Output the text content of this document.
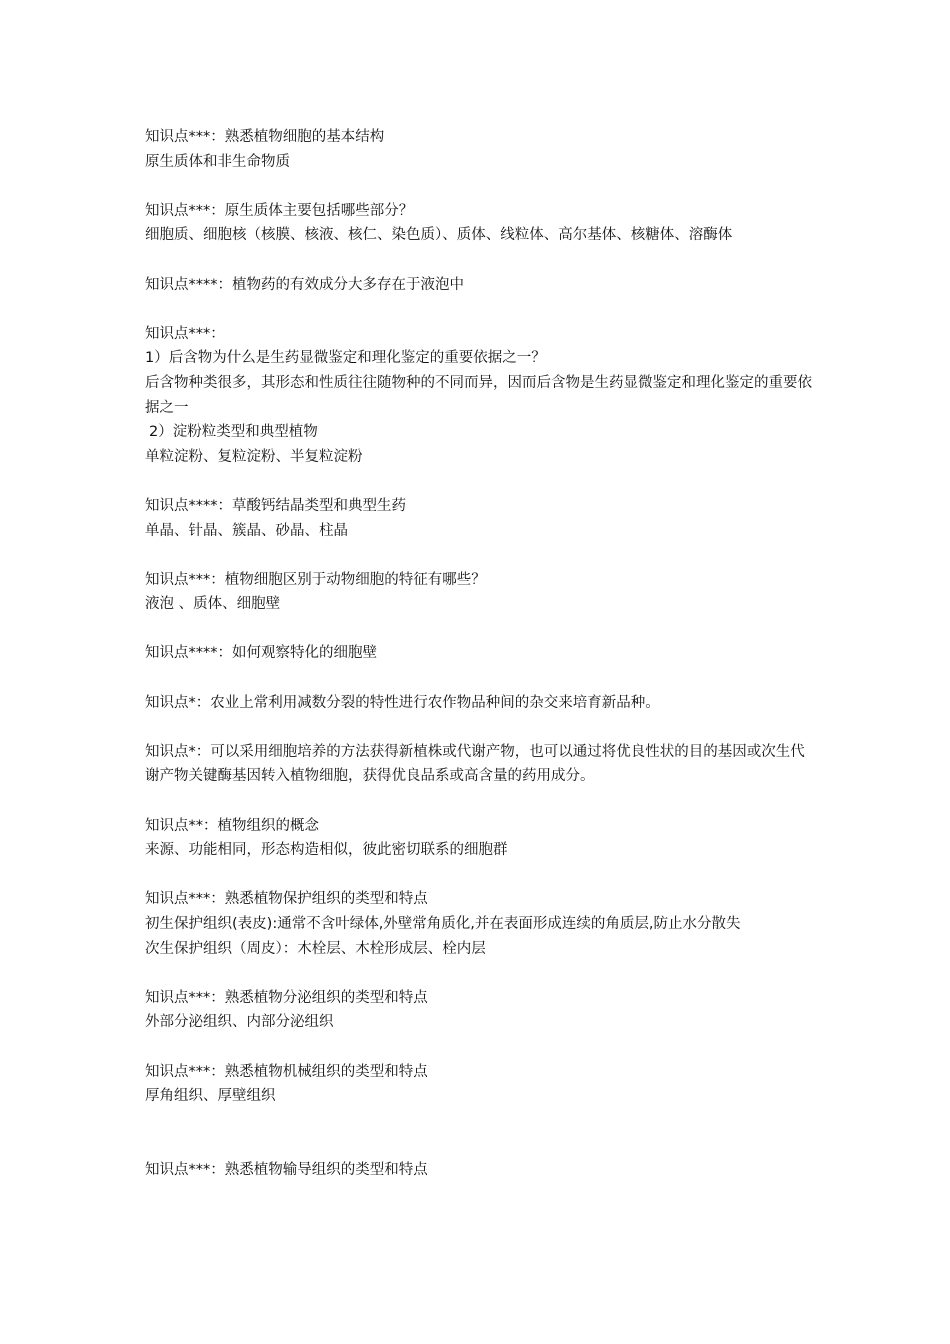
知识点***：熟悉植物细胞的基本结构
原生质体和非生命物质
知识点***：原生质体主要包括哪些部分？
细胞质、细胞核（核膜、核液、核仁、染色质）、质体、线粒体、高尔基体、核糖体、溶酶体
知识点****：植物药的有效成分大多存在于液泡中
知识点***：
1）后含物为什么是生药显微鉴定和理化鉴定的重要依据之一？
后含物种类很多，其形态和性质往往随物种的不同而异，因而后含物是生药显微鉴定和理化鉴定的重要依据之一
2）淀粉粒类型和典型植物
单粒淀粉、复粒淀粉、半复粒淀粉
知识点****：草酸钙结晶类型和典型生药
单晶、针晶、簇晶、砂晶、柱晶
知识点***：植物细胞区别于动物细胞的特征有哪些？
液泡 、质体、细胞壁
知识点****：如何观察特化的细胞壁
知识点*：农业上常利用减数分裂的特性进行农作物品种间的杂交来培育新品种。
知识点*：可以采用细胞培养的方法获得新植株或代谢产物，也可以通过将优良性状的目的基因或次生代谢产物关键酶基因转入植物细胞，获得优良品系或高含量的药用成分。
知识点**：植物组织的概念
来源、功能相同，形态构造相似，彼此密切联系的细胞群
知识点***：熟悉植物保护组织的类型和特点
初生保护组织(表皮):通常不含叶绿体,外壁常角质化,并在表面形成连续的角质层,防止水分散失
次生保护组织（周皮）：木栓层、木栓形成层、栓内层
知识点***：熟悉植物分泌组织的类型和特点
外部分泌组织、内部分泌组织
知识点***：熟悉植物机械组织的类型和特点
厚角组织、厚壁组织
知识点***：熟悉植物输导组织的类型和特点
